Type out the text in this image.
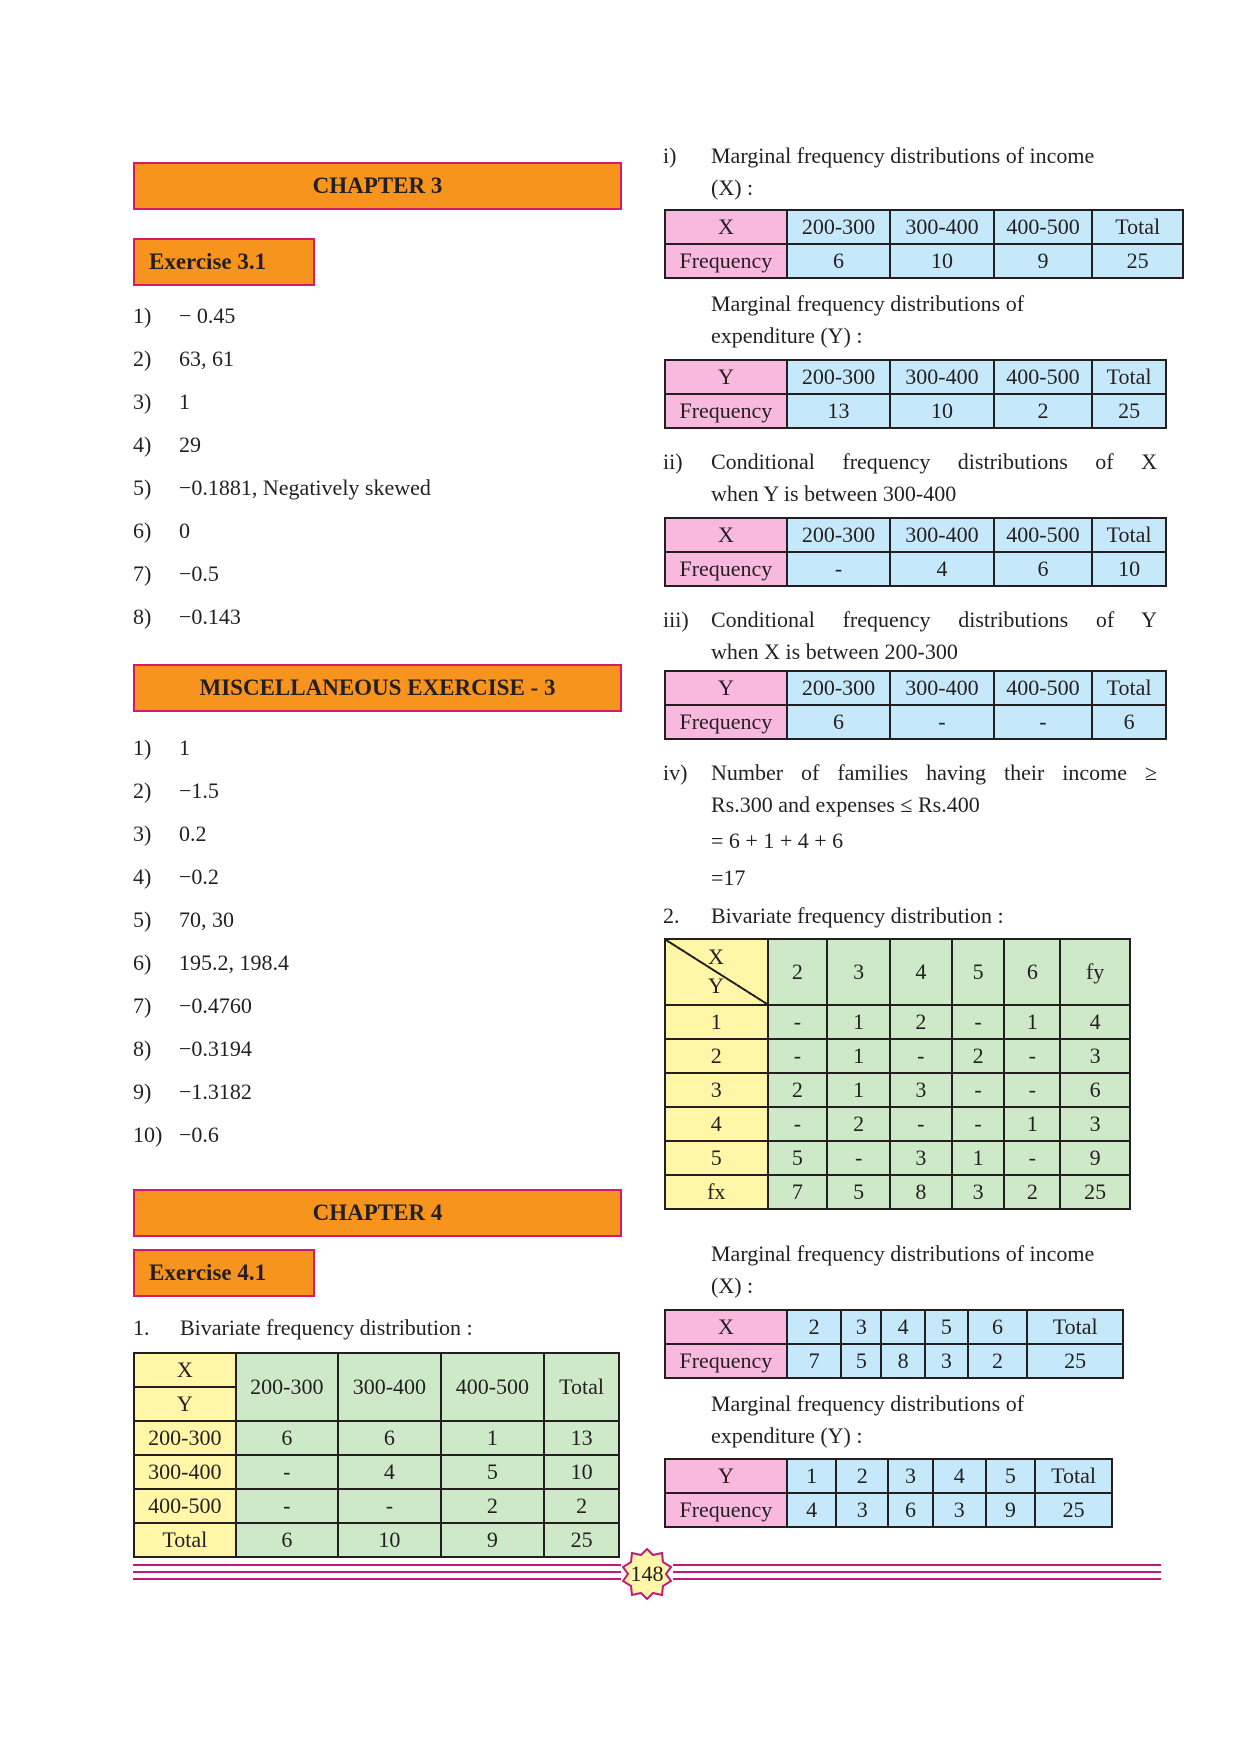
CHAPTER 3
Exercise 3.1
1) − 0.45
2) 63, 61
3) 1
4) 29
5) −0.1881, Negatively skewed
6) 0
7) −0.5
8) −0.143
MISCELLANEOUS EXERCISE - 3
1) 1
2) −1.5
3) 0.2
4) −0.2
5) 70, 30
6) 195.2, 198.4
7) −0.4760
8) −0.3194
9) −1.3182
10) −0.6
CHAPTER 4
Exercise 4.1
1. Bivariate frequency distribution :
X	200-300	300-400	400-500	Total
Y				
200-300	6	6	1	13
300-400	-	4	5	10
400-500	-	-	2	2
Total	6	10	9	25
i) Marginal frequency distributions of income
(X) :
X	200-300	300-400	400-500	Total
Frequency	6	10	9	25
Marginal frequency distributions of
expenditure (Y) :
Y	200-300	300-400	400-500	Total
Frequency	13	10	2	25
ii) Conditional frequency distributions of X
when Y is between 300-400
X	200-300	300-400	400-500	Total
Frequency	-	4	6	10
iii) Conditional frequency distributions of Y
when X is between 200-300
Y	200-300	300-400	400-500	Total
Frequency	6	-	-	6
iv) Number of families having their income ≥
Rs.300 and expenses ≤ Rs.400
= 6 + 1 + 4 + 6
=17
2. Bivariate frequency distribution :
X
Y	2	3	4	5	6	fy
1	-	1	2	-	1	4
2	-	1	-	2	-	3
3	2	1	3	-	-	6
4	-	2	-	-	1	3
5	5	-	3	1	-	9
fx	7	5	8	3	2	25
Marginal frequency distributions of income
(X) :
X	2	3	4	5	6	Total
Frequency	7	5	8	3	2	25
Marginal frequency distributions of
expenditure (Y) :
Y	1	2	3	4	5	Total
Frequency	4	3	6	3	9	25
148
